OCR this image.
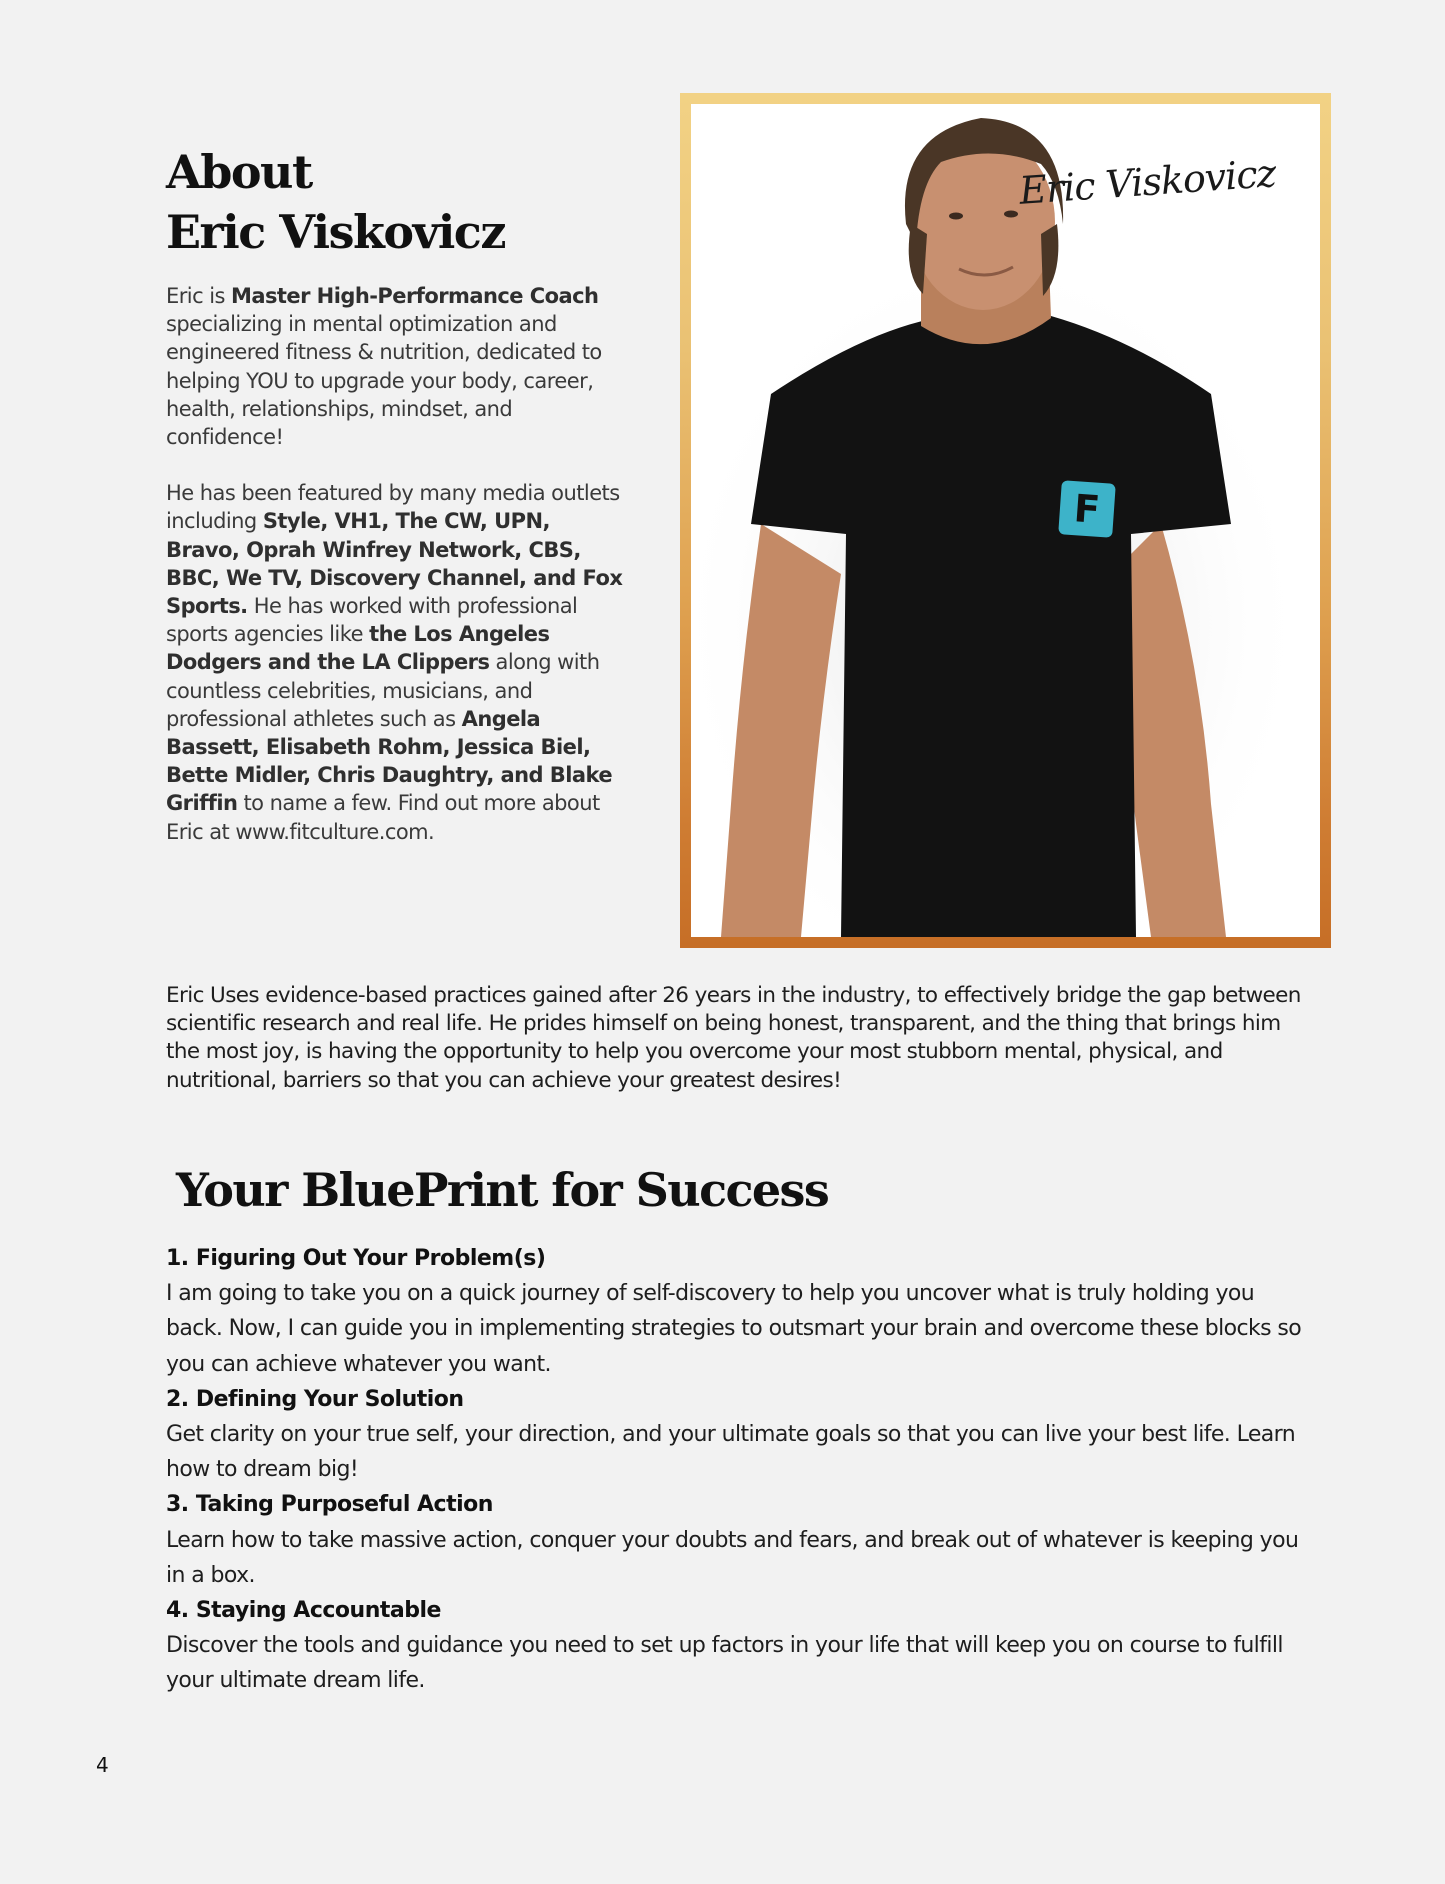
About
Eric Viskovicz

Eric is Master High-Performance Coach specializing in mental optimization and engineered fitness & nutrition, dedicated to helping YOU to upgrade your body, career, health, relationships, mindset, and confidence!

He has been featured by many media outlets including Style, VH1, The CW, UPN, Bravo, Oprah Winfrey Network, CBS, BBC, We TV, Discovery Channel, and Fox Sports. He has worked with professional sports agencies like the Los Angeles Dodgers and the LA Clippers along with countless celebrities, musicians, and professional athletes such as Angela Bassett, Elisabeth Rohm, Jessica Biel, Bette Midler, Chris Daughtry, and Blake Griffin to name a few. Find out more about Eric at www.fitculture.com.

F
Eric Viskovicz

Eric Uses evidence-based practices gained after 26 years in the industry, to effectively bridge the gap between scientific research and real life. He prides himself on being honest, transparent, and the thing that brings him the most joy, is having the opportunity to help you overcome your most stubborn mental, physical, and nutritional, barriers so that you can achieve your greatest desires!

Your BluePrint for Success
1. Figuring Out Your Problem(s)
I am going to take you on a quick journey of self-discovery to help you uncover what is truly holding you back. Now, I can guide you in implementing strategies to outsmart your brain and overcome these blocks so you can achieve whatever you want.
2. Defining Your Solution
Get clarity on your true self, your direction, and your ultimate goals so that you can live your best life. Learn how to dream big!
3. Taking Purposeful Action
Learn how to take massive action, conquer your doubts and fears, and break out of whatever is keeping you in a box.
4. Staying Accountable
Discover the tools and guidance you need to set up factors in your life that will keep you on course to fulfill your ultimate dream life.
4
